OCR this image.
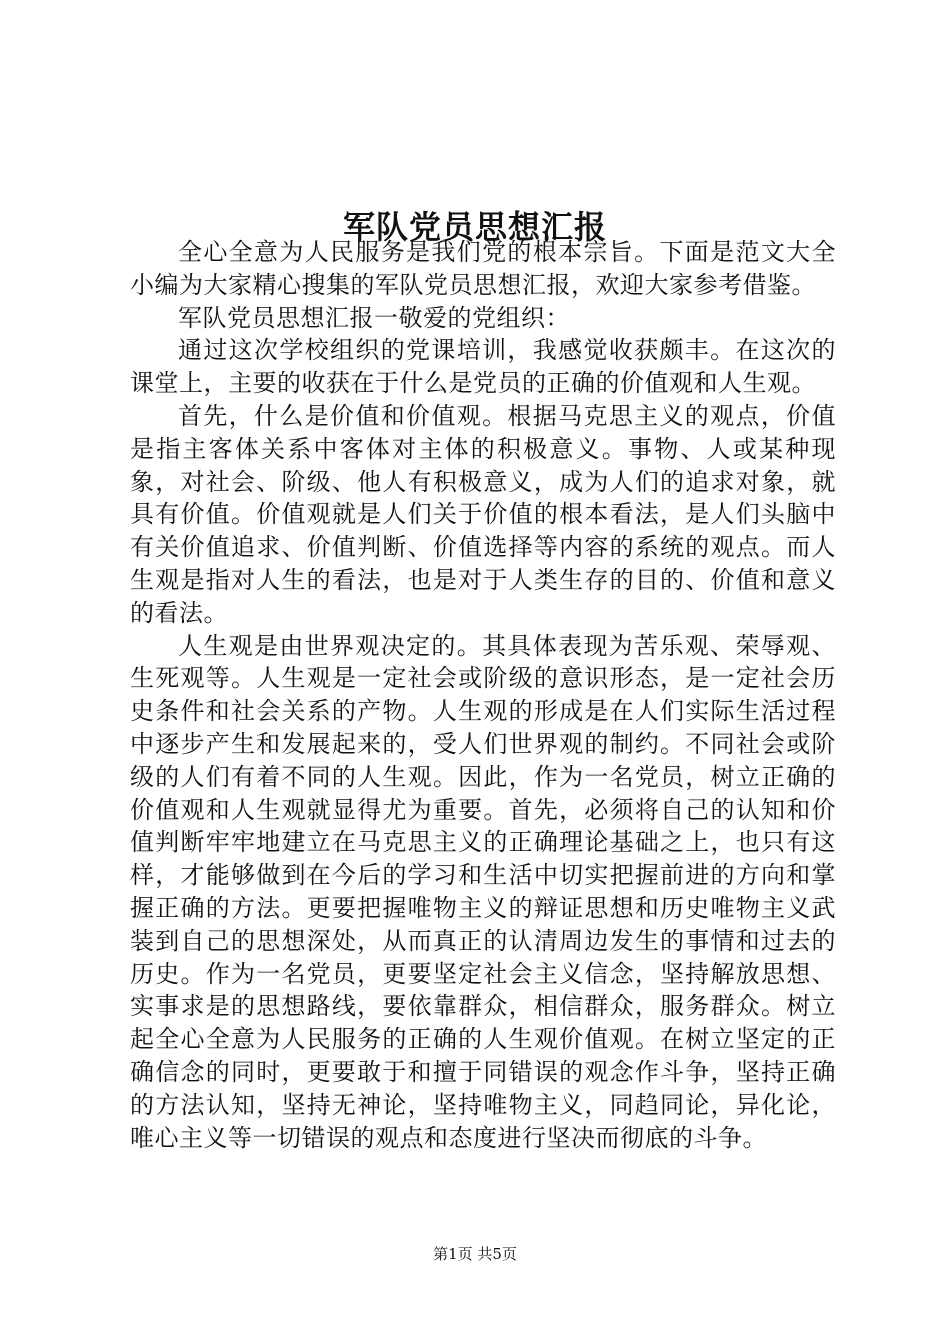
军队党员思想汇报

全心全意为人民服务是我们党的根本宗旨。下面是范文大全小编为大家精心搜集的军队党员思想汇报，欢迎大家参考借鉴。

军队党员思想汇报一敬爱的党组织：

通过这次学校组织的党课培训，我感觉收获颇丰。在这次的课堂上，主要的收获在于什么是党员的正确的价值观和人生观。

首先，什么是价值和价值观。根据马克思主义的观点，价值是指主客体关系中客体对主体的积极意义。事物、人或某种现象，对社会、阶级、他人有积极意义，成为人们的追求对象，就具有价值。价值观就是人们关于价值的根本看法，是人们头脑中有关价值追求、价值判断、价值选择等内容的系统的观点。而人生观是指对人生的看法，也是对于人类生存的目的、价值和意义的看法。

人生观是由世界观决定的。其具体表现为苦乐观、荣辱观、生死观等。人生观是一定社会或阶级的意识形态，是一定社会历史条件和社会关系的产物。人生观的形成是在人们实际生活过程中逐步产生和发展起来的，受人们世界观的制约。不同社会或阶级的人们有着不同的人生观。因此，作为一名党员，树立正确的价值观和人生观就显得尤为重要。首先，必须将自己的认知和价值判断牢牢地建立在马克思主义的正确理论基础之上，也只有这样，才能够做到在今后的学习和生活中切实把握前进的方向和掌握正确的方法。更要把握唯物主义的辩证思想和历史唯物主义武装到自己的思想深处，从而真正的认清周边发生的事情和过去的历史。作为一名党员，更要坚定社会主义信念，坚持解放思想、实事求是的思想路线，要依靠群众，相信群众，服务群众。树立起全心全意为人民服务的正确的人生观价值观。在树立坚定的正确信念的同时，更要敢于和擅于同错误的观念作斗争，坚持正确的方法认知，坚持无神论，坚持唯物主义，同趋同论，异化论，唯心主义等一切错误的观点和态度进行坚决而彻底的斗争。

第1页 共5页
